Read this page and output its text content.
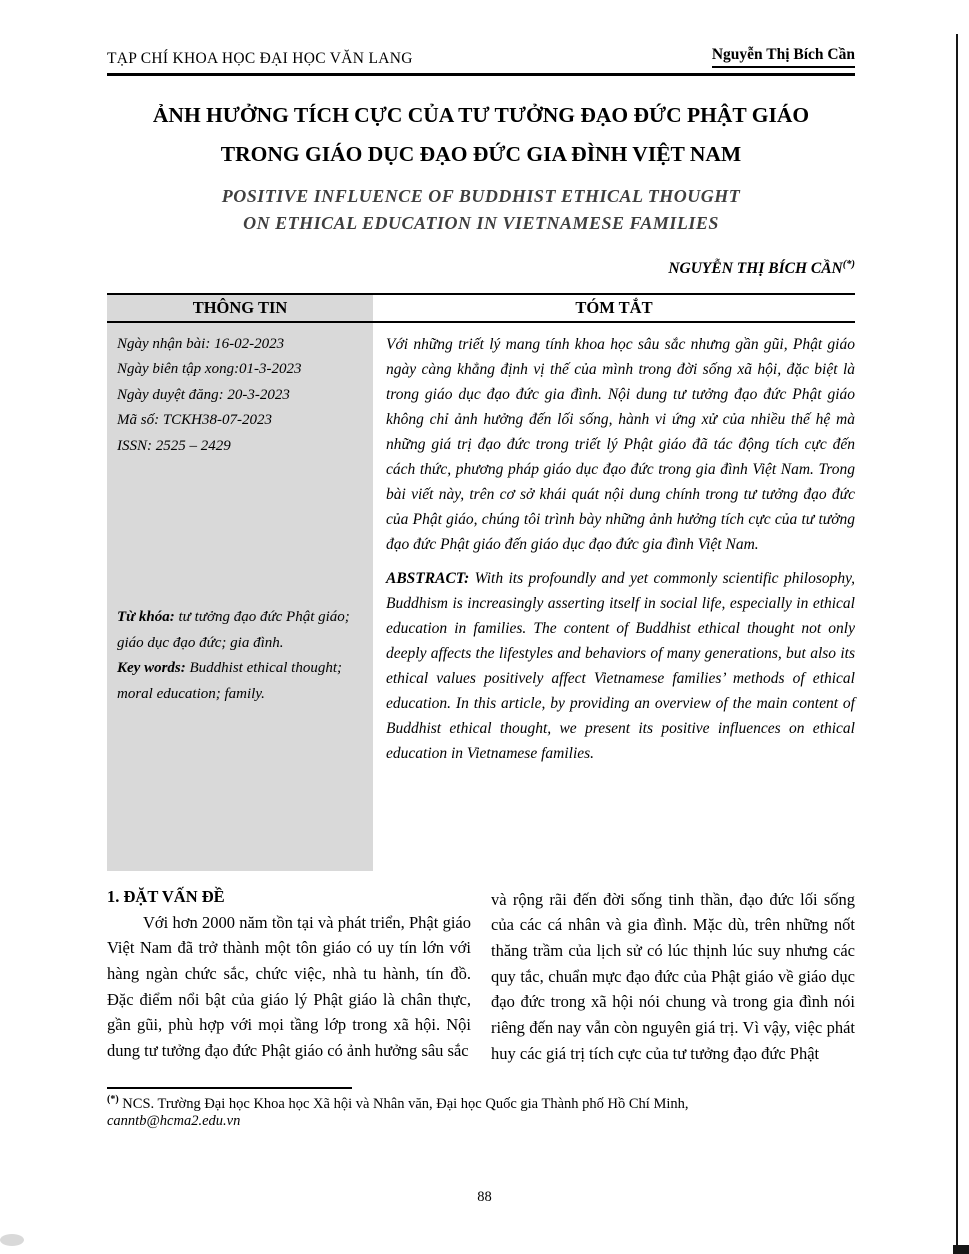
TẠP CHÍ KHOA HỌC ĐẠI HỌC VĂN LANG	Nguyễn Thị Bích Cần
ẢNH HƯỞNG TÍCH CỰC CỦA TƯ TƯỞNG ĐẠO ĐỨC PHẬT GIÁO
TRONG GIÁO DỤC ĐẠO ĐỨC GIA ĐÌNH VIỆT NAM
POSITIVE INFLUENCE OF BUDDHIST ETHICAL THOUGHT
ON ETHICAL EDUCATION IN VIETNAMESE FAMILIES
NGUYỄN THỊ BÍCH CẦN(*)
THÔNG TIN	TÓM TẮT
Ngày nhận bài: 16-02-2023
Ngày biên tập xong:01-3-2023
Ngày duyệt đăng: 20-3-2023
Mã số: TCKH38-07-2023
ISSN: 2525 – 2429

Từ khóa: tư tưởng đạo đức Phật giáo; giáo dục đạo đức; gia đình.

Key words: Buddhist ethical thought; moral education; family.

Với những triết lý mang tính khoa học sâu sắc nhưng gần gũi, Phật giáo ngày càng khẳng định vị thế của mình trong đời sống xã hội, đặc biệt là trong giáo dục đạo đức gia đình. Nội dung tư tưởng đạo đức Phật giáo không chỉ ảnh hưởng đến lối sống, hành vi ứng xử của nhiều thế hệ mà những giá trị đạo đức trong triết lý Phật giáo đã tác động tích cực đến cách thức, phương pháp giáo dục đạo đức trong gia đình Việt Nam. Trong bài viết này, trên cơ sở khái quát nội dung chính trong tư tưởng đạo đức của Phật giáo, chúng tôi trình bày những ảnh hưởng tích cực của tư tưởng đạo đức Phật giáo đến giáo dục đạo đức gia đình Việt Nam.

ABSTRACT: With its profoundly and yet commonly scientific philosophy, Buddhism is increasingly asserting itself in social life, especially in ethical education in families. The content of Buddhist ethical thought not only deeply affects the lifestyles and behaviors of many generations, but also its ethical values positively affect Vietnamese families’ methods of ethical education. In this article, by providing an overview of the main content of Buddhist ethical thought, we present its positive influences on ethical education in Vietnamese families.

1. ĐẶT VẤN ĐỀ

Với hơn 2000 năm tồn tại và phát triển, Phật giáo Việt Nam đã trở thành một tôn giáo có uy tín lớn với hàng ngàn chức sắc, chức việc, nhà tu hành, tín đồ. Đặc điểm nổi bật của giáo lý Phật giáo là chân thực, gần gũi, phù hợp với mọi tầng lớp trong xã hội. Nội dung tư tưởng đạo đức Phật giáo có ảnh hưởng sâu sắc

và rộng rãi đến đời sống tinh thần, đạo đức lối sống của các cá nhân và gia đình. Mặc dù, trên những nốt thăng trầm của lịch sử có lúc thịnh lúc suy nhưng các quy tắc, chuẩn mực đạo đức của Phật giáo về giáo dục đạo đức trong xã hội nói chung và trong gia đình nói riêng đến nay vẫn còn nguyên giá trị. Vì vậy, việc phát huy các giá trị tích cực của tư tưởng đạo đức Phật

(*) NCS. Trường Đại học Khoa học Xã hội và Nhân văn, Đại học Quốc gia Thành phố Hồ Chí Minh,

canntb@hcma2.edu.vn

88
